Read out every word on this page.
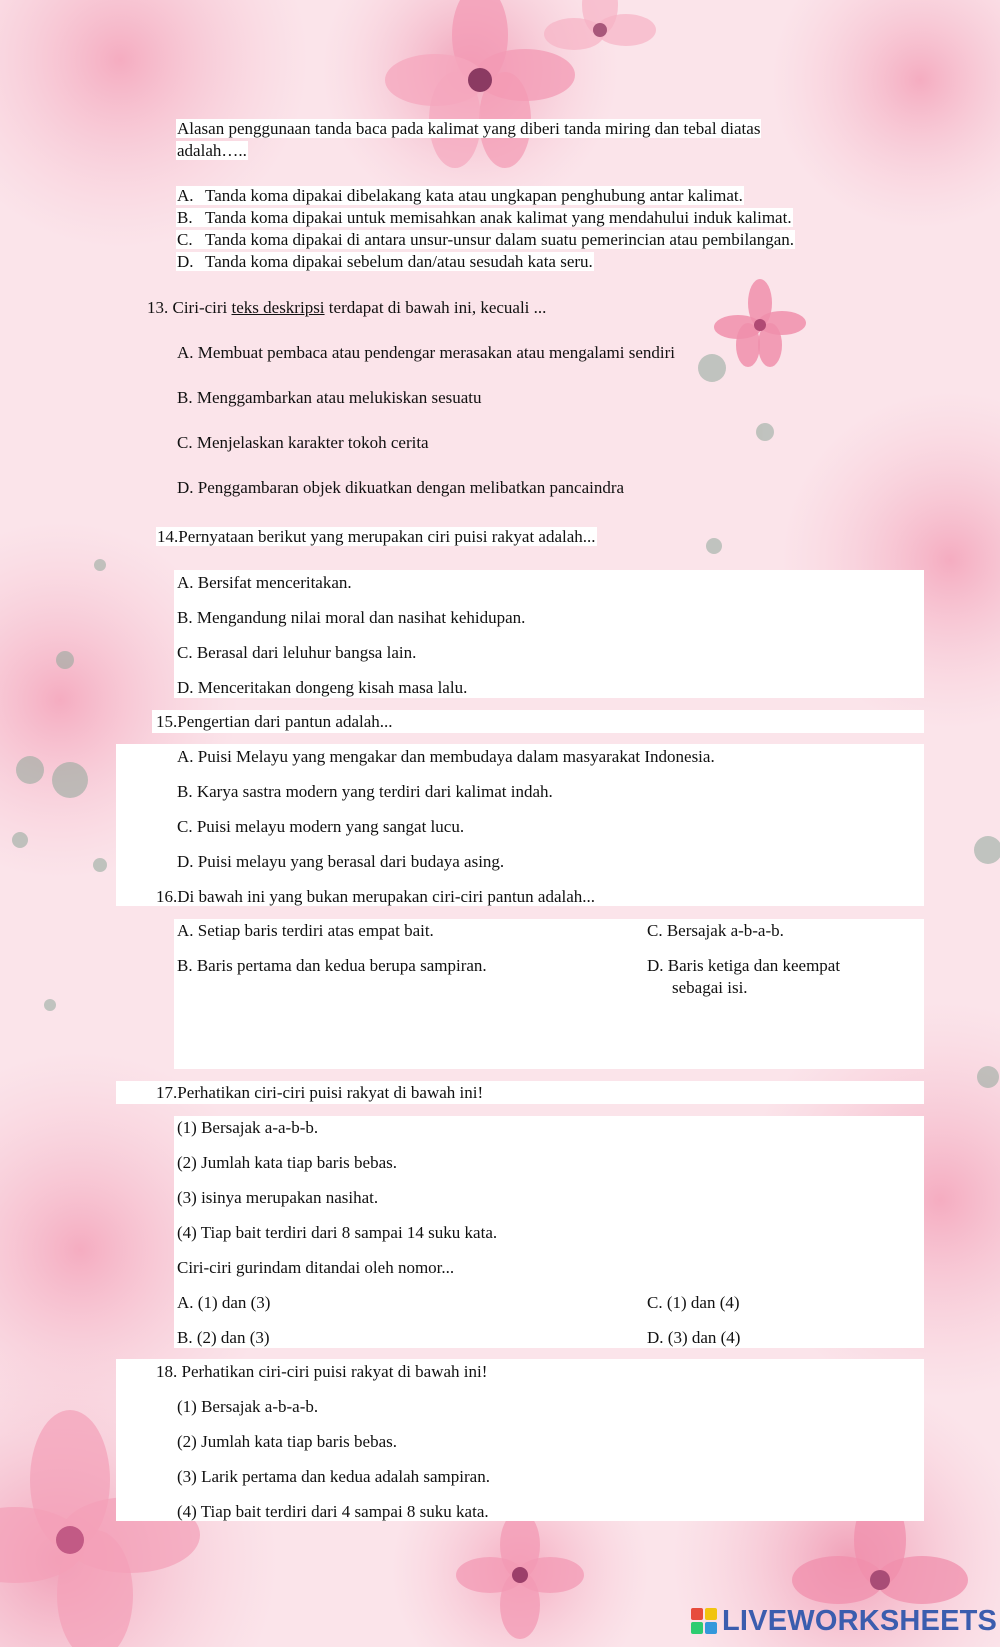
Alasan penggunaan tanda baca pada kalimat yang diberi tanda miring dan tebal diatas
adalah…..
A. Tanda koma dipakai dibelakang kata atau ungkapan penghubung antar kalimat.
B. Tanda koma dipakai untuk memisahkan anak kalimat yang mendahului induk kalimat.
C. Tanda koma dipakai di antara unsur-unsur dalam suatu pemerincian atau pembilangan.
D. Tanda koma dipakai sebelum dan/atau sesudah kata seru.
13. Ciri-ciri teks deskripsi terdapat di bawah ini, kecuali ...
A. Membuat pembaca atau pendengar merasakan atau mengalami sendiri
B. Menggambarkan atau melukiskan sesuatu
C. Menjelaskan karakter tokoh cerita
D. Penggambaran objek dikuatkan dengan melibatkan pancaindra
14.Pernyataan berikut yang merupakan ciri puisi rakyat adalah...
A. Bersifat menceritakan.
B. Mengandung nilai moral dan nasihat kehidupan.
C. Berasal dari leluhur bangsa lain.
D. Menceritakan dongeng kisah masa lalu.
15.Pengertian dari pantun adalah...
A. Puisi Melayu yang mengakar dan membudaya dalam masyarakat Indonesia.
B. Karya sastra modern yang terdiri dari kalimat indah.
C. Puisi melayu modern yang sangat lucu.
D. Puisi melayu yang berasal dari budaya asing.
16.Di bawah ini yang bukan merupakan ciri-ciri pantun adalah...
A. Setiap baris terdiri atas empat bait.
B. Baris pertama dan kedua berupa sampiran.
C. Bersajak a-b-a-b.
D. Baris ketiga dan keempat
sebagai isi.
17.Perhatikan ciri-ciri puisi rakyat di bawah ini!
(1) Bersajak a-a-b-b.
(2) Jumlah kata tiap baris bebas.
(3) isinya merupakan nasihat.
(4) Tiap bait terdiri dari 8 sampai 14 suku kata.
Ciri-ciri gurindam ditandai oleh nomor...
A. (1) dan (3)
B. (2) dan (3)
C. (1) dan (4)
D. (3) dan (4)
18. Perhatikan ciri-ciri puisi rakyat di bawah ini!
(1) Bersajak a-b-a-b.
(2) Jumlah kata tiap baris bebas.
(3) Larik pertama dan kedua adalah sampiran.
(4) Tiap bait terdiri dari 4 sampai 8 suku kata.
LIVEWORKSHEETS
